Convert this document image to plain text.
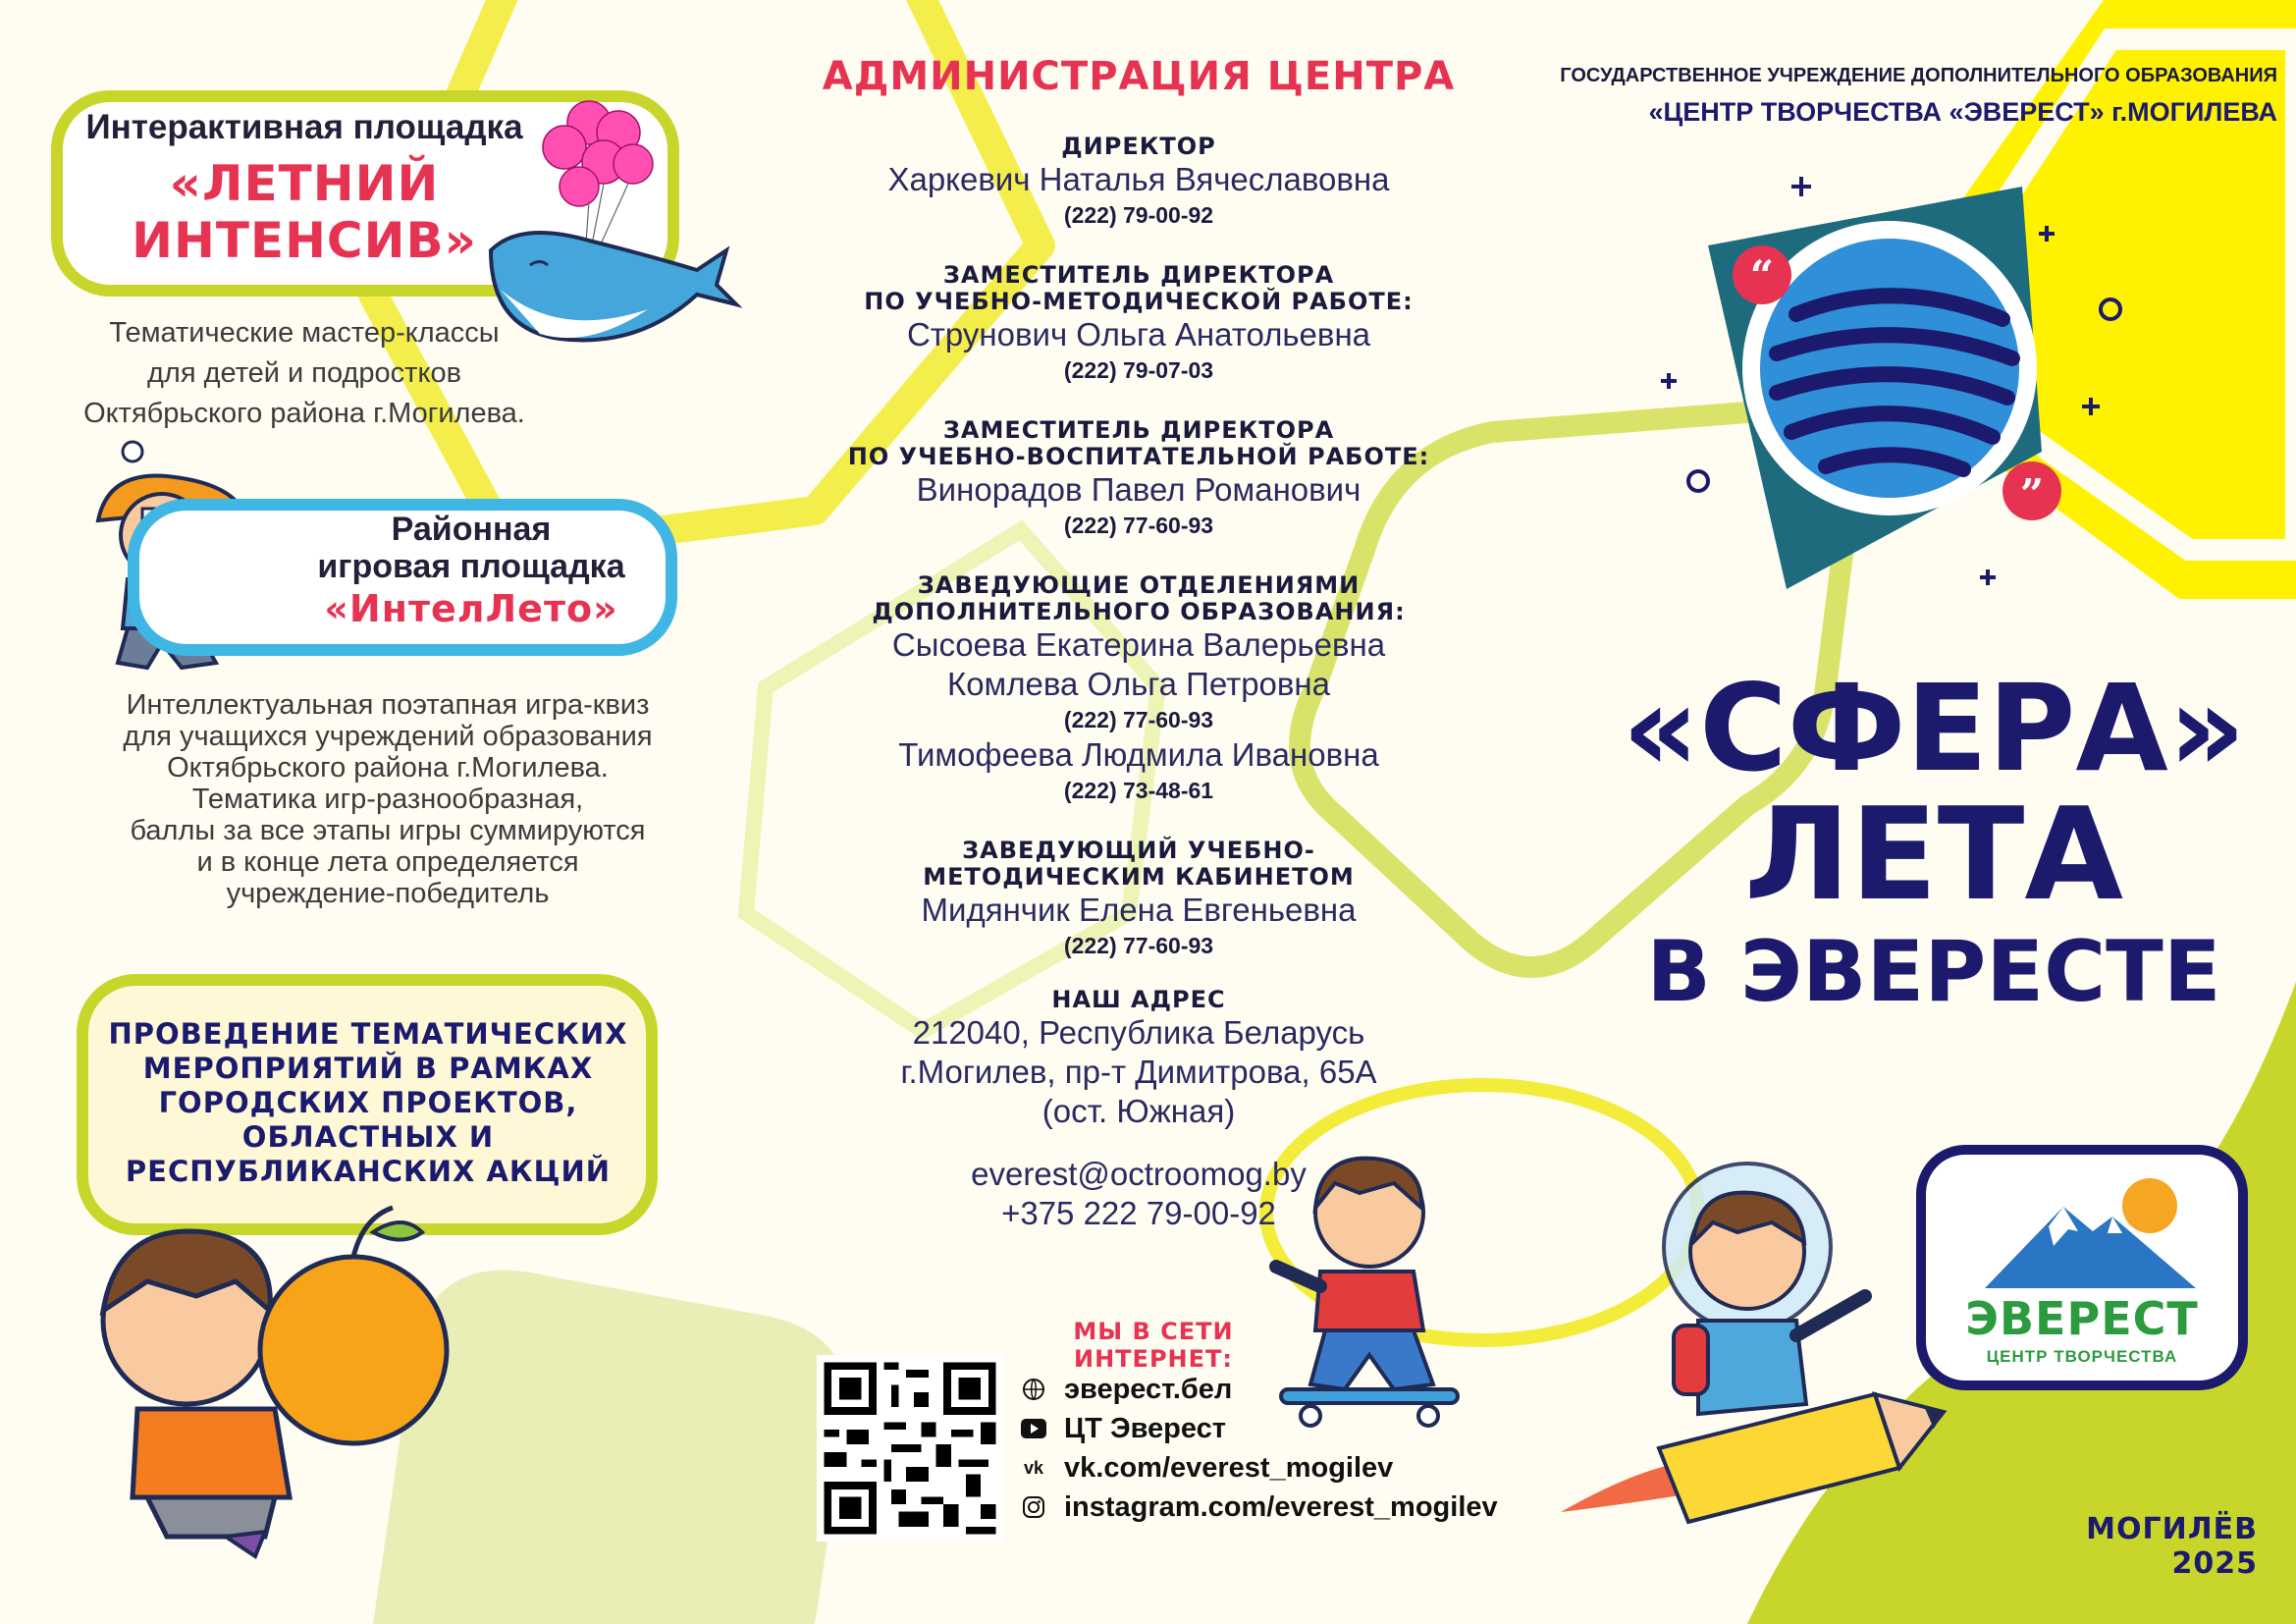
Интерактивная площадка
«ЛЕТНИЙ ИНТЕНСИВ»
Тематические мастер-классы
для детей и подростков
Октябрьского района г.Могилева.
Районная
игровая площадка
«ИнтелЛето»
Интеллектуальная поэтапная игра-квиз
для учащихся учреждений образования
Октябрьского района г.Могилева.
Тематика игр-разнообразная,
баллы за все этапы игры суммируются
и в конце лета определяется
учреждение-победитель
ПРОВЕДЕНИЕ ТЕМАТИЧЕСКИХ
МЕРОПРИЯТИЙ В РАМКАХ
ГОРОДСКИХ ПРОЕКТОВ,
ОБЛАСТНЫХ И
РЕСПУБЛИКАНСКИХ АКЦИЙ
АДМИНИСТРАЦИЯ ЦЕНТРА
ДИРЕКТОР
Харкевич Наталья Вячеславовна
(222) 79-00-92
ЗАМЕСТИТЕЛЬ ДИРЕКТОРА
ПО УЧЕБНО-МЕТОДИЧЕСКОЙ РАБОТЕ:
Струнович Ольга Анатольевна
(222) 79-07-03
ЗАМЕСТИТЕЛЬ ДИРЕКТОРА
ПО УЧЕБНО-ВОСПИТАТЕЛЬНОЙ РАБОТЕ:
Винорадов Павел Романович
(222) 77-60-93
ЗАВЕДУЮЩИЕ ОТДЕЛЕНИЯМИ
ДОПОЛНИТЕЛЬНОГО ОБРАЗОВАНИЯ:
Сысоева Екатерина Валерьевна
Комлева Ольга Петровна
(222) 77-60-93
Тимофеева Людмила Ивановна
(222) 73-48-61
ЗАВЕДУЮЩИЙ УЧЕБНО-
МЕТОДИЧЕСКИМ КАБИНЕТОМ
Мидянчик Елена Евгеньевна
(222) 77-60-93
НАШ АДРЕС
212040, Республика Беларусь
г.Могилев, пр-т Димитрова, 65А
(ост. Южная)
everest@octroomog.by
+375 222 79-00-92
МЫ В СЕТИ ИНТЕРНЕТ:
эверест.бел
ЦТ Эверест
vk vk.com/everest_mogilev
instagram.com/everest_mogilev
ГОСУДАРСТВЕННОЕ УЧРЕЖДЕНИЕ ДОПОЛНИТЕЛЬНОГО ОБРАЗОВАНИЯ
«ЦЕНТР ТВОРЧЕСТВА «ЭВЕРЕСТ» г.МОГИЛЕВА
“
”
«СФЕРА»
ЛЕТА
В ЭВЕРЕСТЕ
ЭВЕРЕСТ
ЦЕНТР ТВОРЧЕСТВА
МОГИЛЁВ 2025
